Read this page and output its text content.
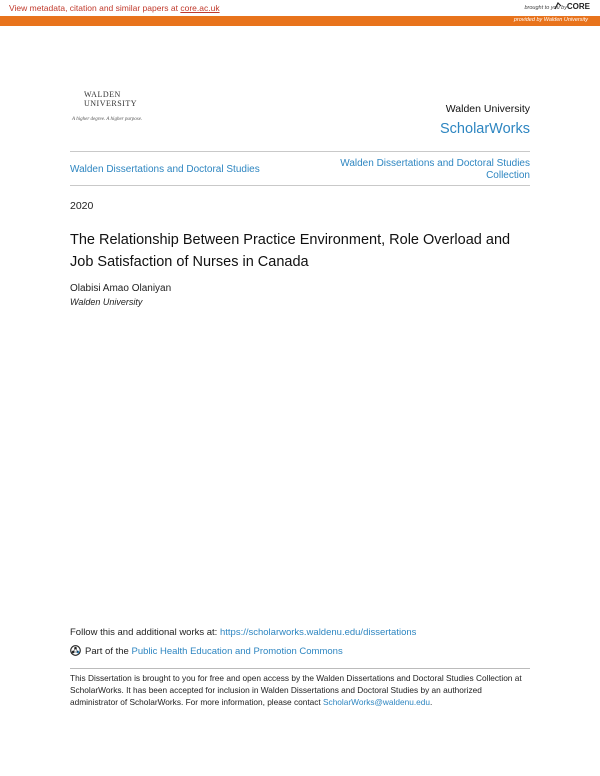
View metadata, citation and similar papers at core.ac.uk	brought to you by CORE
provided by Walden University
WALDEN
UNIVERSITY
A higher degree. A higher purpose.
Walden University
ScholarWorks
Walden Dissertations and Doctoral Studies
Walden Dissertations and Doctoral Studies
Collection
2020
The Relationship Between Practice Environment, Role Overload and Job Satisfaction of Nurses in Canada
Olabisi Amao Olaniyan
Walden University
Follow this and additional works at: https://scholarworks.waldenu.edu/dissertations
Part of the Public Health Education and Promotion Commons
This Dissertation is brought to you for free and open access by the Walden Dissertations and Doctoral Studies Collection at ScholarWorks. It has been accepted for inclusion in Walden Dissertations and Doctoral Studies by an authorized administrator of ScholarWorks. For more information, please contact ScholarWorks@waldenu.edu.
